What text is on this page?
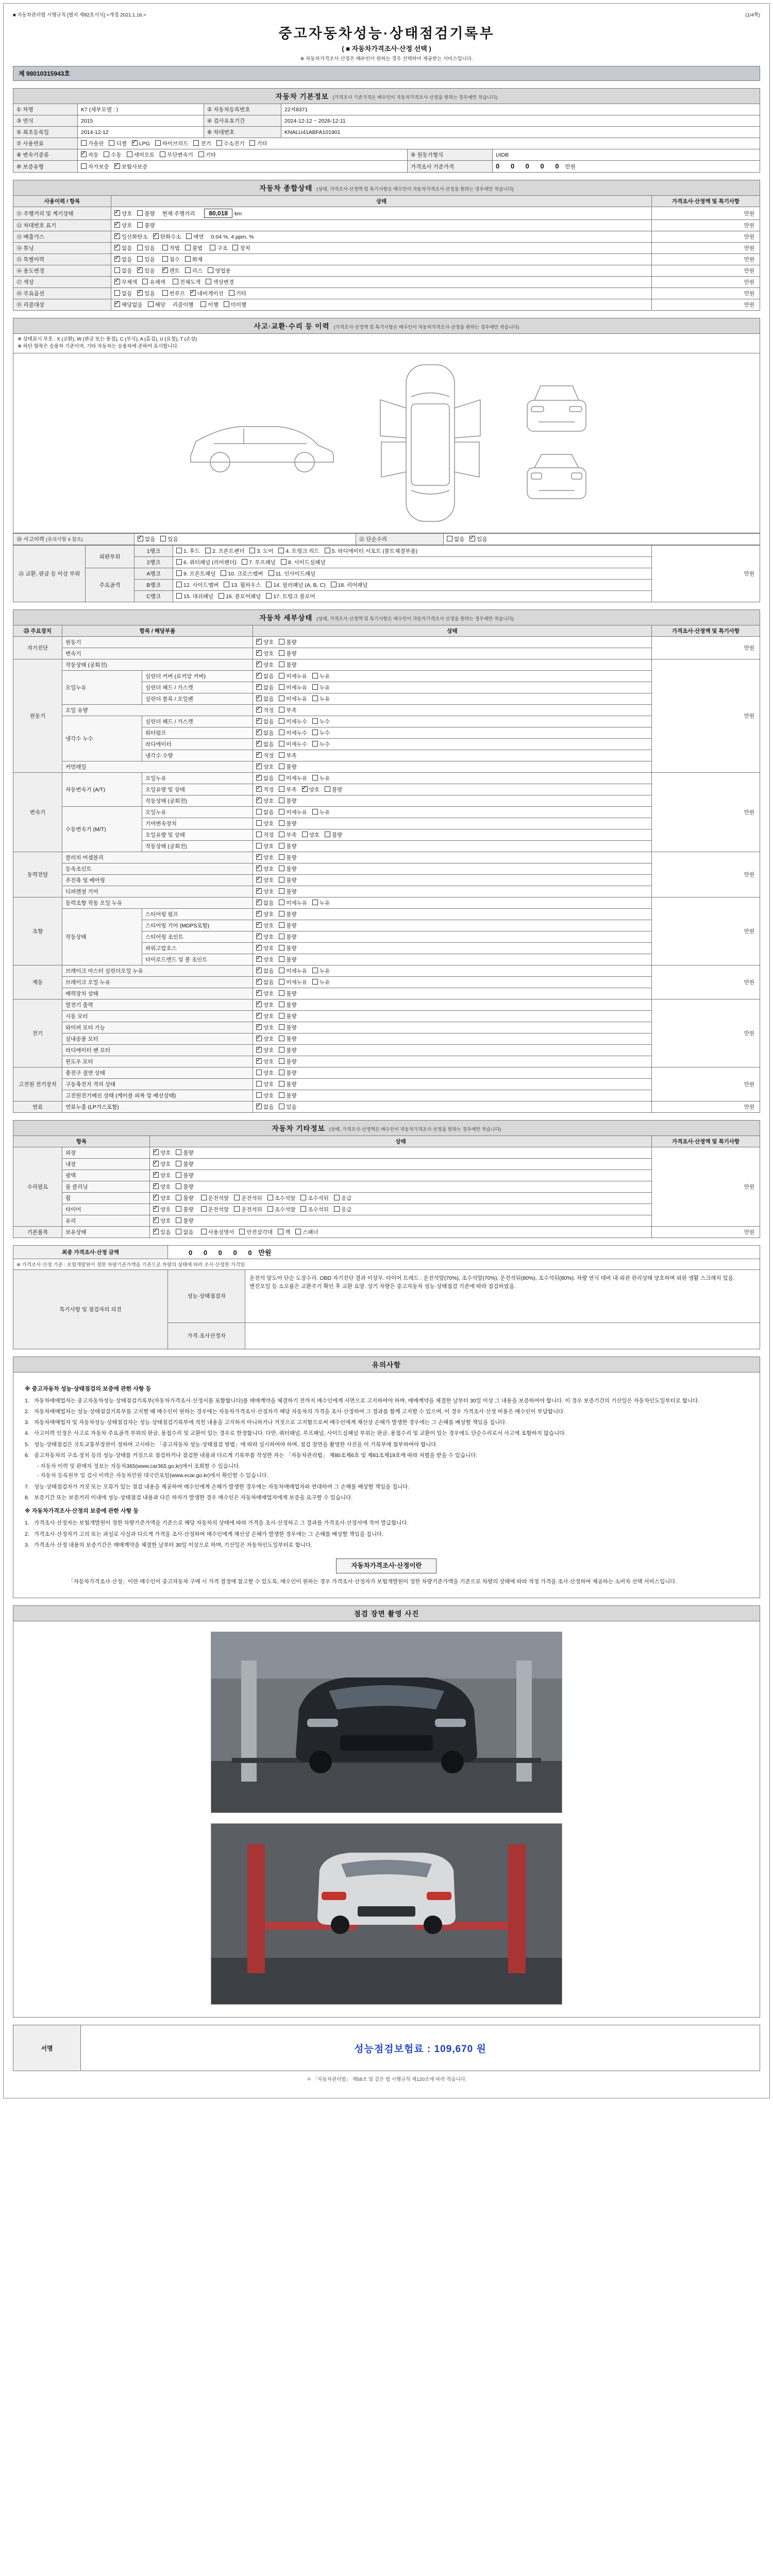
■ 자동차관리법 시행규칙 [별지 제82호서식] <개정 2021.1.16.>	(1/4쪽)
중고자동차성능·상태점검기록부
( ■ 자동차가격조사·산정 선택 )
※ 자동차가격조사·산정은 매수인이 원하는 경우 선택하여 제공받는 서비스입니다.
제 98010315943호
자동차 기본정보 (가격조사 기준가격은 매수인이 자동차가격조사·산정을 원하는 경우에만 적습니다)
① 차명	K7 (세부모델 : )	② 자동차등록번호	22저8371		
③ 연식	2015	④ 검사유효기간	2024-12-12 ~ 2026-12-11		
⑤ 최초등록일	2014-12-12	⑥ 차대번호	KNALU41ABFA101901		
⑦ 사용연료	가솔린 디젤 ✓ LPG 하이브리드 전기 수소전기 기타
⑧ 변속기종류	✓자동 수동 세미오토 무단변속기 기타			⑨ 원동기형식	UIDB
⑩ 보증유형	자가보증 ✓ 보험사보증			가격조사 기준가격	0 0 0 0 0 만원
자동차 종합상태 (상태, 가격조사·산정액 및 특기사항은 매수인이 자동차가격조사·산정을 원하는 경우에만 적습니다)
사용이력 / 항목	상태	가격조사·산정액 및 특기사항
⑪ 주행거리 및 계기상태	✓양호 불량 현재 주행거리 80,018 km	만원
⑫ 차대번호 표기	✓양호 불량	만원
⑬ 배출가스	✓일산화탄소 ✓ 탄화수소 매연 0.04 %, 4 ppm, %	만원
⑭ 튜닝	✓없음 있음 적법 불법 구조 장치	만원
⑮ 특별이력	✓없음 있음 침수 화재	만원
⑯ 용도변경	없음 ✓ 있음 ✓ 렌트 리스 영업용	만원
⑰ 색상	✓무채색 유채색 전체도색 색상변경	만원
⑱ 주요옵션	없음 ✓ 있음 썬루프 ✓ 네비게이션 기타	만원
⑲ 리콜대상	✓해당없음 해당 리콜이행 이행 미이행	만원
사고·교환·수리 등 이력 (가격조사·산정액 및 특기사항은 매수인이 자동차가격조사·산정을 원하는 경우에만 적습니다)
※ 상태표시 부호 : X (교환), W (판금 또는 용접), C (부식), A (흠집), U (요철), T (손상)
※ 하단 항목은 승용차 기준이며, 기타 자동차는 승용차에 준하여 표시합니다.
⑳ 사고이력 (유의사항 4 참조)	✓없음 있음	㉑ 단순수리	없음 ✓ 있음
㉒ 교환, 판금 등 이상 부위	외판부위	1랭크	1. 후드 2. 프론트펜더 3. 도어 4. 트렁크 리드 5. 라디에이터 서포트 (볼트체결부품)	만원
		2랭크	6. 쿼터패널 (리어펜더) 7. 루프패널 8. 사이드실패널	
	주요골격	A랭크	9. 프론트패널 10. 크로스멤버 11. 인사이드패널	
		B랭크	12. 사이드멤버 13. 휠하우스 14. 필러패널 (A, B, C) 18. 리어패널	
		C랭크	15. 대쉬패널 16. 플로어패널 17. 트렁크 플로어	
자동차 세부상태 (상태, 가격조사·산정액 및 특기사항은 매수인이 자동차가격조사·산정을 원하는 경우에만 적습니다)
㉓ 주요장치	항목 / 해당부품		상태	가격조사·산정액 및 특기사항
자기진단	원동기	✓양호 불량	만원
	변속기	✓양호 불량
원동기	작동상태 (공회전)	✓양호 불량	만원
	오일누유	실린더 커버 (로커암 커버)	✓없음 미세누유 누유
		실린더 헤드 / 가스켓	✓없음 미세누유 누유
		실린더 블록 / 오일팬	✓없음 미세누유 누유
	오일 유량	✓적정 부족
	냉각수 누수	실린더 헤드 / 가스켓	✓없음 미세누수 누수
		워터펌프	✓없음 미세누수 누수
		라디에이터	✓없음 미세누수 누수
		냉각수 수량	✓적정 부족
	커먼레일	✓양호 불량
변속기	자동변속기 (A/T)	오일누유	✓없음 미세누유 누유	만원
		오일유량 및 상태	✓적정 부족 ✓ 양호 불량
		작동상태 (공회전)	✓양호 불량
	수동변속기 (M/T)	오일누유	없음 미세누유 누유	
		기어변속장치	양호 불량	
		오일유량 및 상태	적정 부족 양호 불량	
		작동상태 (공회전)	양호 불량	
동력전달	클러치 어셈블리	✓양호 불량	만원
	등속조인트	✓양호 불량
	추진축 및 베어링	✓양호 불량
	디퍼렌셜 기어	✓양호 불량
조향	동력조향 작동 오일 누유	✓없음 미세누유 누유	만원
	작동상태	스티어링 펌프	✓양호 불량
		스티어링 기어 (MDPS포함)	✓양호 불량
		스티어링 조인트	✓양호 불량
		파워고압호스	✓양호 불량
		타이로드엔드 및 볼 조인트	✓양호 불량
제동	브레이크 마스터 실린더오일 누유	✓없음 미세누유 누유	만원
	브레이크 오일 누유	✓없음 미세누유 누유
	배력장치 상태	✓양호 불량
전기	발전기 출력	✓양호 불량	만원
	시동 모터	✓양호 불량
	와이퍼 모터 기능	✓양호 불량
	실내송풍 모터	✓양호 불량
	라디에이터 팬 모터	✓양호 불량
	윈도우 모터	✓양호 불량
고전원 전기장치	충전구 절연 상태		양호 불량	만원
	구동축전지 격리 상태		양호 불량	
	고전원전기배선 상태 (케이블 피복 및 배선상태)		양호 불량	
연료	연료누출 (LP가스포함)	✓없음 있음	만원
자동차 기타정보 (상태, 가격조사·산정액은 매수인이 자동차가격조사·산정을 원하는 경우에만 적습니다)
항목		상태	가격조사·산정액 및 특기사항
수리필요	외장	✓양호 불량	만원
	내장	✓양호 불량
	광택	✓양호 불량
	룸 클리닝	✓양호 불량
	휠	✓양호 불량 운전석앞 운전석뒤 조수석앞 조수석뒤 응급
	타이어	✓양호 불량 운전석앞 운전석뒤 조수석앞 조수석뒤 응급
	유리	✓양호 불량
기본품목	보유상태	✓있음 없음 사용설명서 안전삼각대 잭 스패너	만원
최종 가격조사·산정 금액	0 0 0 0 0 만원	
※ 가격조사·산정 기준 : 보험개발원이 정한 차량기준가액을 기준으로 차량의 상태에 따라 조사·산정한 가격임		
특기사항 및 점검자의 의견	성능·상태점검자	운전석 앞도어 단순 도장수리. OBD 자기진단 결과 이상무. 타이어 트레드 : 운전석앞(70%), 조수석앞(70%), 운전석뒤(80%), 조수석뒤(80%). 차량 연식 대비 내·외관 관리상태 양호하며 외판 생활 스크래치 있음. 엔진오일 등 소모품은 교환주기 확인 후 교환 요망. 상기 차량은 중고자동차 성능·상태점검 기준에 따라 점검하였음.
	가격·조사산정자	
유의사항
※ 중고자동차 성능·상태점검의 보증에 관한 사항 등
1. 자동차매매업자는 중고자동차성능·상태점검기록부(자동차가격조사·산정서를 포함합니다)를 매매계약을 체결하기 전까지 매수인에게 서면으로 고지하여야 하며, 매매계약을 체결한 날부터 30일 이상 그 내용을 보증하여야 합니다. 이 경우 보증기간의 기산일은 자동차인도일부터로 합니다.
2. 자동차매매업자는 성능·상태점검기록부를 고지할 때 매수인이 원하는 경우에는 자동차가격조사·산정자가 해당 자동차의 가격을 조사·산정하여 그 결과를 함께 고지할 수 있으며, 이 경우 가격조사·산정 비용은 매수인이 부담합니다.
3. 자동차매매업자 및 자동차성능·상태점검자는 성능·상태점검기록부에 적힌 내용을 고지하지 아니하거나 거짓으로 고지함으로써 매수인에게 재산상 손해가 발생한 경우에는 그 손해를 배상할 책임을 집니다.
4. 사고이력 인정은 사고로 자동차 주요골격 부위의 판금, 용접수리 및 교환이 있는 경우로 한정합니다. 다만, 쿼터패널, 루프패널, 사이드실패널 부위는 판금, 용접수리 및 교환이 있는 경우에도 단순수리로서 사고에 포함하지 않습니다.
5. 성능·상태점검은 국토교통부장관이 정하여 고시하는 「중고자동차 성능·상태점검 방법」에 따라 실시하여야 하며, 점검 장면을 촬영한 사진을 이 기록부에 첨부하여야 합니다.
6. 중고자동차의 구조·장치 등의 성능·상태를 거짓으로 점검하거나 점검한 내용과 다르게 기록부를 작성한 자는 「자동차관리법」 제80조제6호 및 제81조제19호에 따라 처벌을 받을 수 있습니다.
- 자동차 이력 및 판매자 정보는 자동차365(www.car365.go.kr)에서 조회할 수 있습니다.
- 자동차 등록원부 및 검사 이력은 자동차민원 대국민포털(www.ecar.go.kr)에서 확인할 수 있습니다.
7. 성능·상태점검자가 거짓 또는 오류가 있는 점검 내용을 제공하여 매수인에게 손해가 발생한 경우에는 자동차매매업자와 연대하여 그 손해를 배상할 책임을 집니다.
8. 보증기간 또는 보증거리 이내에 성능·상태점검 내용과 다른 하자가 발생한 경우 매수인은 자동차매매업자에게 보증을 요구할 수 있습니다.
※ 자동차가격조사·산정의 보증에 관한 사항 등
1. 가격조사·산정자는 보험개발원이 정한 차량기준가액을 기준으로 해당 자동차의 상태에 따라 가격을 조사·산정하고 그 결과를 가격조사·산정서에 적어 발급합니다.
2. 가격조사·산정자가 고의 또는 과실로 사실과 다르게 가격을 조사·산정하여 매수인에게 재산상 손해가 발생한 경우에는 그 손해를 배상할 책임을 집니다.
3. 가격조사·산정 내용의 보증기간은 매매계약을 체결한 날부터 30일 이상으로 하며, 기산일은 자동차인도일부터로 합니다.
자동차가격조사·산정이란

「자동차가격조사·산정」이란 매수인이 중고자동차 구매 시 가격 결정에 참고할 수 있도록, 매수인이 원하는 경우 가격조사·산정자가 보험개발원이 정한 차량기준가액을 기준으로 차량의 상태에 따라 적정 가격을 조사·산정하여 제공하는 소비자 선택 서비스입니다.

점검 장면 촬영 사진
서명	성능점검보험료 : 109,670 원
＊ 「자동차관리법」 제58조 및 같은 법 시행규칙 제120조에 따라 적습니다.
